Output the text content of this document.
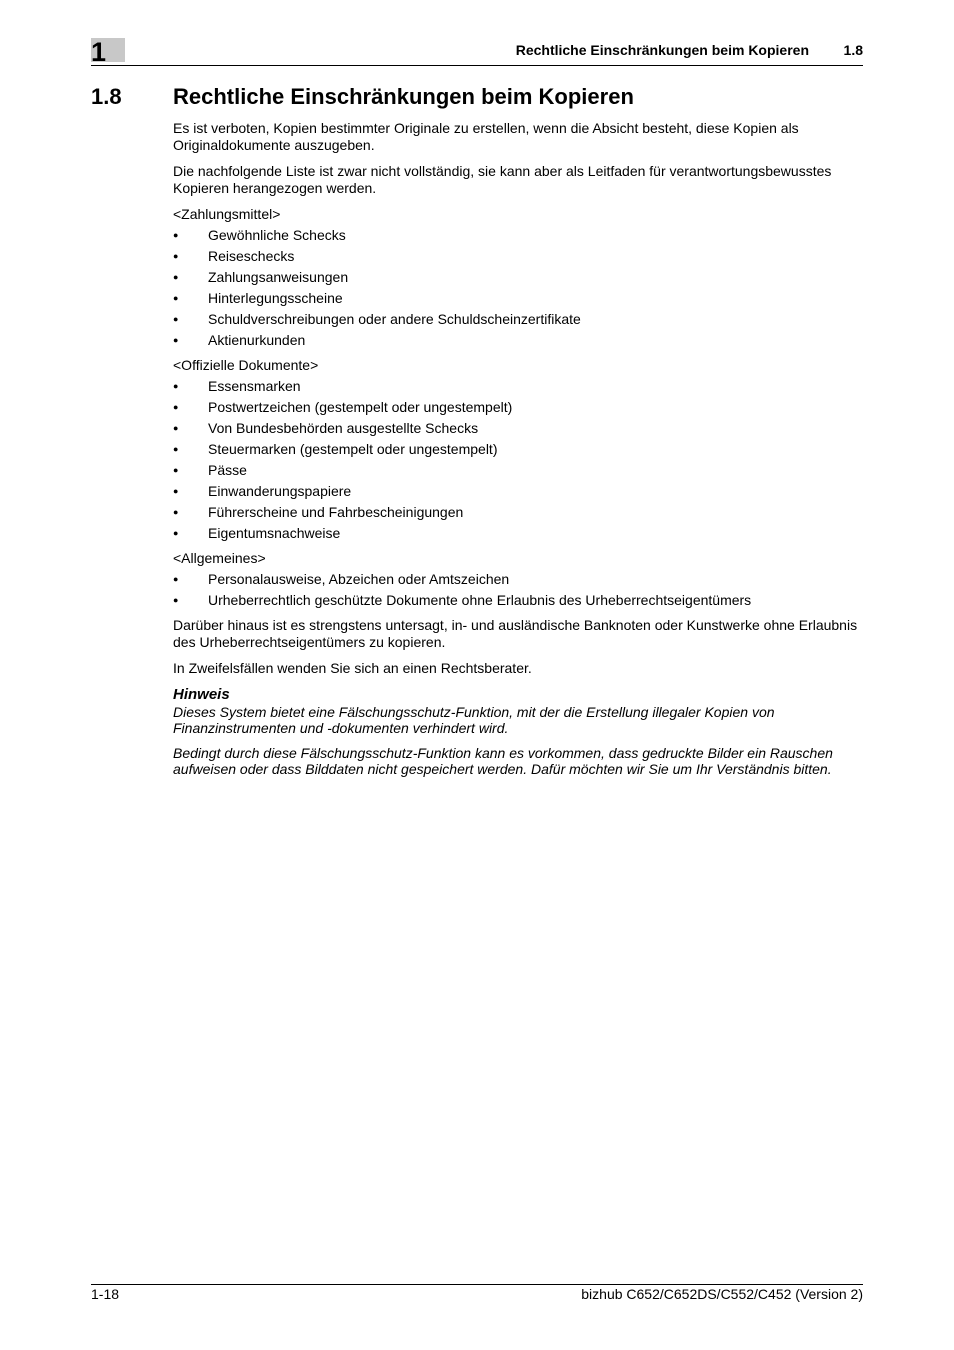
1	Rechtliche Einschränkungen beim Kopieren 1.8
1.8 Rechtliche Einschränkungen beim Kopieren

Es ist verboten, Kopien bestimmter Originale zu erstellen, wenn die Absicht besteht, diese Kopien als Originaldokumente auszugeben.

Die nachfolgende Liste ist zwar nicht vollständig, sie kann aber als Leitfaden für verantwortungsbewusstes Kopieren herangezogen werden.

<Zahlungsmittel>
● Gewöhnliche Schecks
● Reiseschecks
● Zahlungsanweisungen
● Hinterlegungsscheine
● Schuldverschreibungen oder andere Schuldscheinzertifikate
● Aktienurkunden
<Offizielle Dokumente>
● Essensmarken
● Postwertzeichen (gestempelt oder ungestempelt)
● Von Bundesbehörden ausgestellte Schecks
● Steuermarken (gestempelt oder ungestempelt)
● Pässe
● Einwanderungspapiere
● Führerscheine und Fahrbescheinigungen
● Eigentumsnachweise
<Allgemeines>
● Personalausweise, Abzeichen oder Amtszeichen
● Urheberrechtlich geschützte Dokumente ohne Erlaubnis des Urheberrechtseigentümers

Darüber hinaus ist es strengstens untersagt, in- und ausländische Banknoten oder Kunstwerke ohne Erlaubnis des Urheberrechtseigentümers zu kopieren.

In Zweifelsfällen wenden Sie sich an einen Rechtsberater.

Hinweis

Dieses System bietet eine Fälschungsschutz-Funktion, mit der die Erstellung illegaler Kopien von Finanzinstrumenten und -dokumenten verhindert wird.

Bedingt durch diese Fälschungsschutz-Funktion kann es vorkommen, dass gedruckte Bilder ein Rauschen aufweisen oder dass Bilddaten nicht gespeichert werden. Dafür möchten wir Sie um Ihr Verständnis bitten.

1-18	bizhub C652/C652DS/C552/C452 (Version 2)
